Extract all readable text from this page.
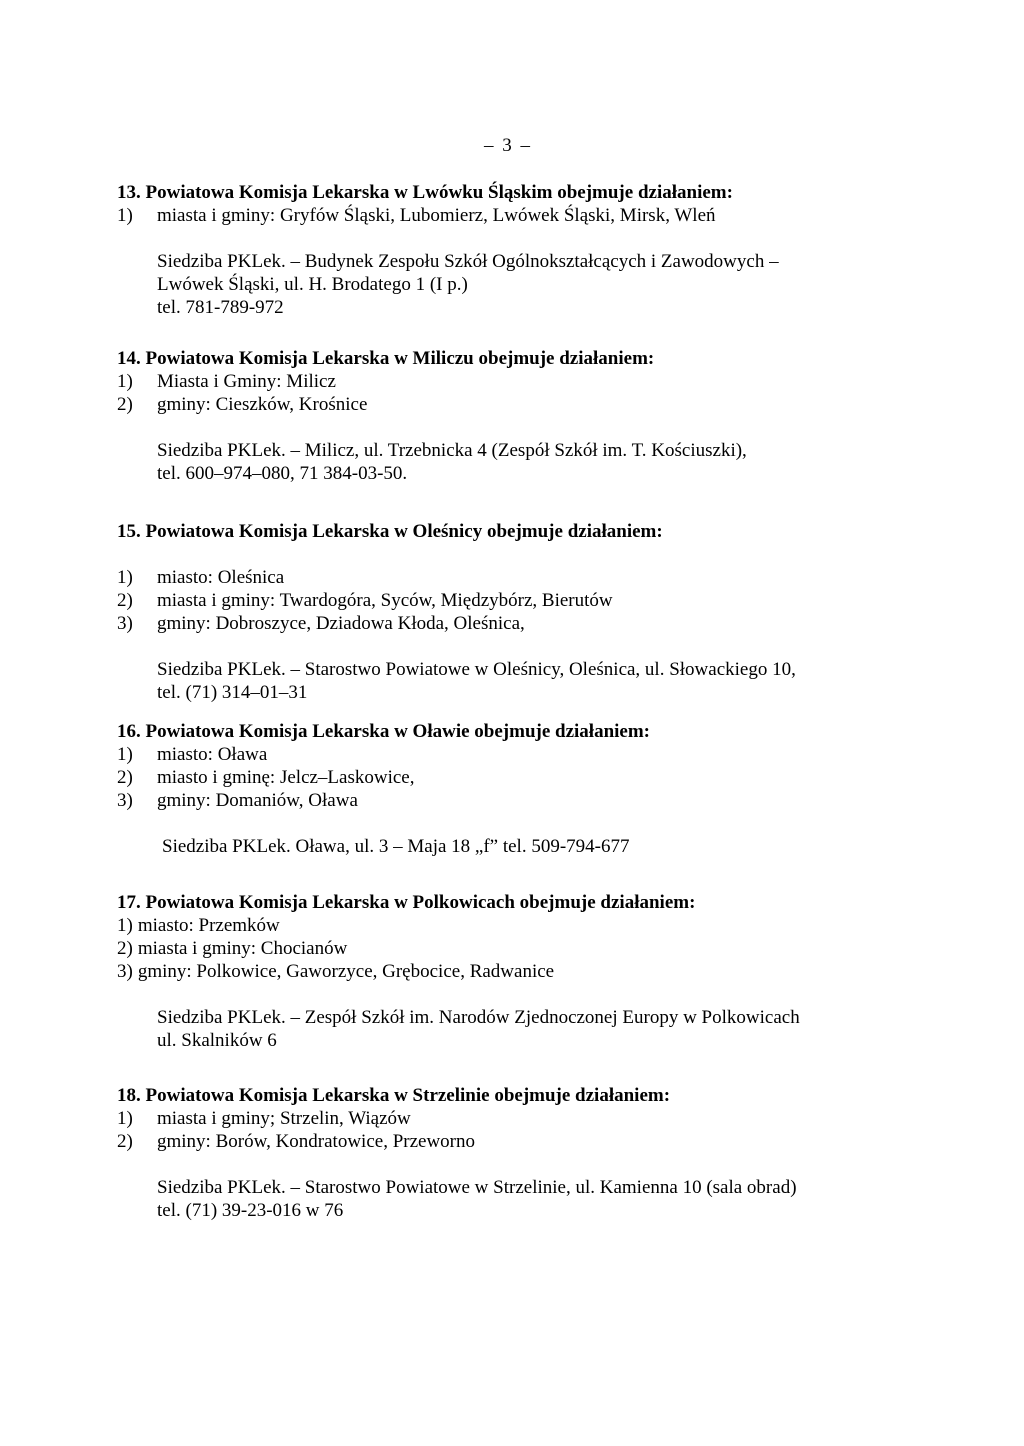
– 3 –
13. Powiatowa Komisja Lekarska w Lwówku Śląskim obejmuje działaniem:
1) miasta i gminy: Gryfów Śląski, Lubomierz, Lwówek Śląski, Mirsk, Wleń
Siedziba PKLek. – Budynek Zespołu Szkół Ogólnokształcących i Zawodowych –
Lwówek Śląski, ul. H. Brodatego 1 (I p.)
tel. 781-789-972
14. Powiatowa Komisja Lekarska w Miliczu obejmuje działaniem:
1) Miasta i Gminy: Milicz
2) gminy: Cieszków, Krośnice
Siedziba PKLek. – Milicz, ul. Trzebnicka 4 (Zespół Szkół im. T. Kościuszki),
tel. 600–974–080, 71 384-03-50.
15. Powiatowa Komisja Lekarska w Oleśnicy obejmuje działaniem:
1) miasto: Oleśnica
2) miasta i gminy: Twardogóra, Syców, Międzybórz, Bierutów
3) gminy: Dobroszyce, Dziadowa Kłoda, Oleśnica,
Siedziba PKLek. – Starostwo Powiatowe w Oleśnicy, Oleśnica, ul. Słowackiego 10,
tel. (71) 314–01–31
16. Powiatowa Komisja Lekarska w Oławie obejmuje działaniem:
1) miasto: Oława
2) miasto i gminę: Jelcz–Laskowice,
3) gminy: Domaniów, Oława
Siedziba PKLek. Oława, ul. 3 – Maja 18 „f” tel. 509-794-677
17. Powiatowa Komisja Lekarska w Polkowicach obejmuje działaniem:
1) miasto: Przemków
2) miasta i gminy: Chocianów
3) gminy: Polkowice, Gaworzyce, Grębocice, Radwanice
Siedziba PKLek. – Zespół Szkół im. Narodów Zjednoczonej Europy w Polkowicach
ul. Skalników 6
18. Powiatowa Komisja Lekarska w Strzelinie obejmuje działaniem:
1) miasta i gminy; Strzelin, Wiązów
2) gminy: Borów, Kondratowice, Przeworno
Siedziba PKLek. – Starostwo Powiatowe w Strzelinie, ul. Kamienna 10 (sala obrad)
tel. (71) 39-23-016 w 76
